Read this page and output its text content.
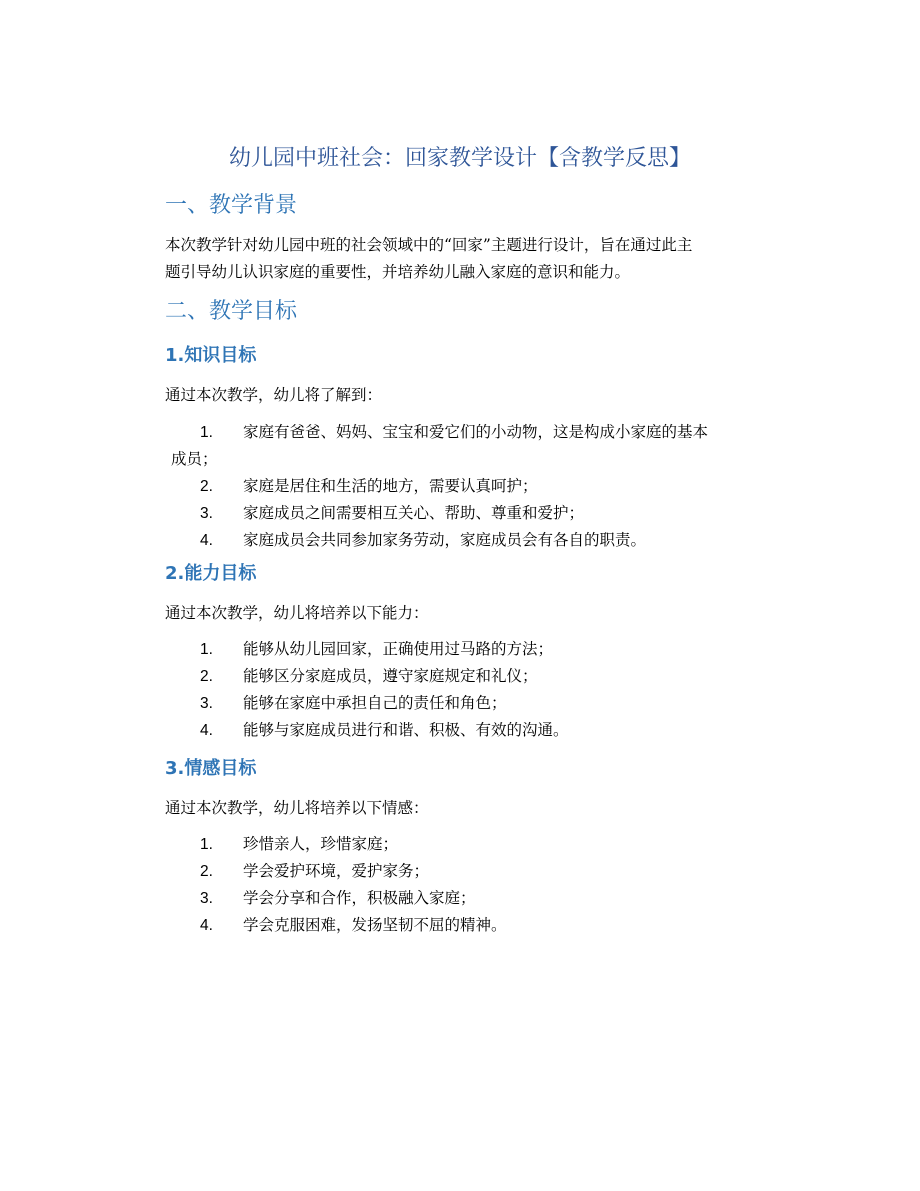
幼儿园中班社会：回家教学设计【含教学反思】
一、教学背景

本次教学针对幼儿园中班的社会领域中的“回家”主题进行设计，旨在通过此主
题引导幼儿认识家庭的重要性，并培养幼儿融入家庭的意识和能力。

二、教学目标
1.知识目标

通过本次教学，幼儿将了解到：

1. 家庭有爸爸、妈妈、宝宝和爱它们的小动物，这是构成小家庭的基本
成员；
2. 家庭是居住和生活的地方，需要认真呵护；
3. 家庭成员之间需要相互关心、帮助、尊重和爱护；
4. 家庭成员会共同参加家务劳动，家庭成员会有各自的职责。
2.能力目标

通过本次教学，幼儿将培养以下能力：

1. 能够从幼儿园回家，正确使用过马路的方法；
2. 能够区分家庭成员，遵守家庭规定和礼仪；
3. 能够在家庭中承担自己的责任和角色；
4. 能够与家庭成员进行和谐、积极、有效的沟通。
3.情感目标

通过本次教学，幼儿将培养以下情感：

1. 珍惜亲人，珍惜家庭；
2. 学会爱护环境，爱护家务；
3. 学会分享和合作，积极融入家庭；
4. 学会克服困难，发扬坚韧不屈的精神。
